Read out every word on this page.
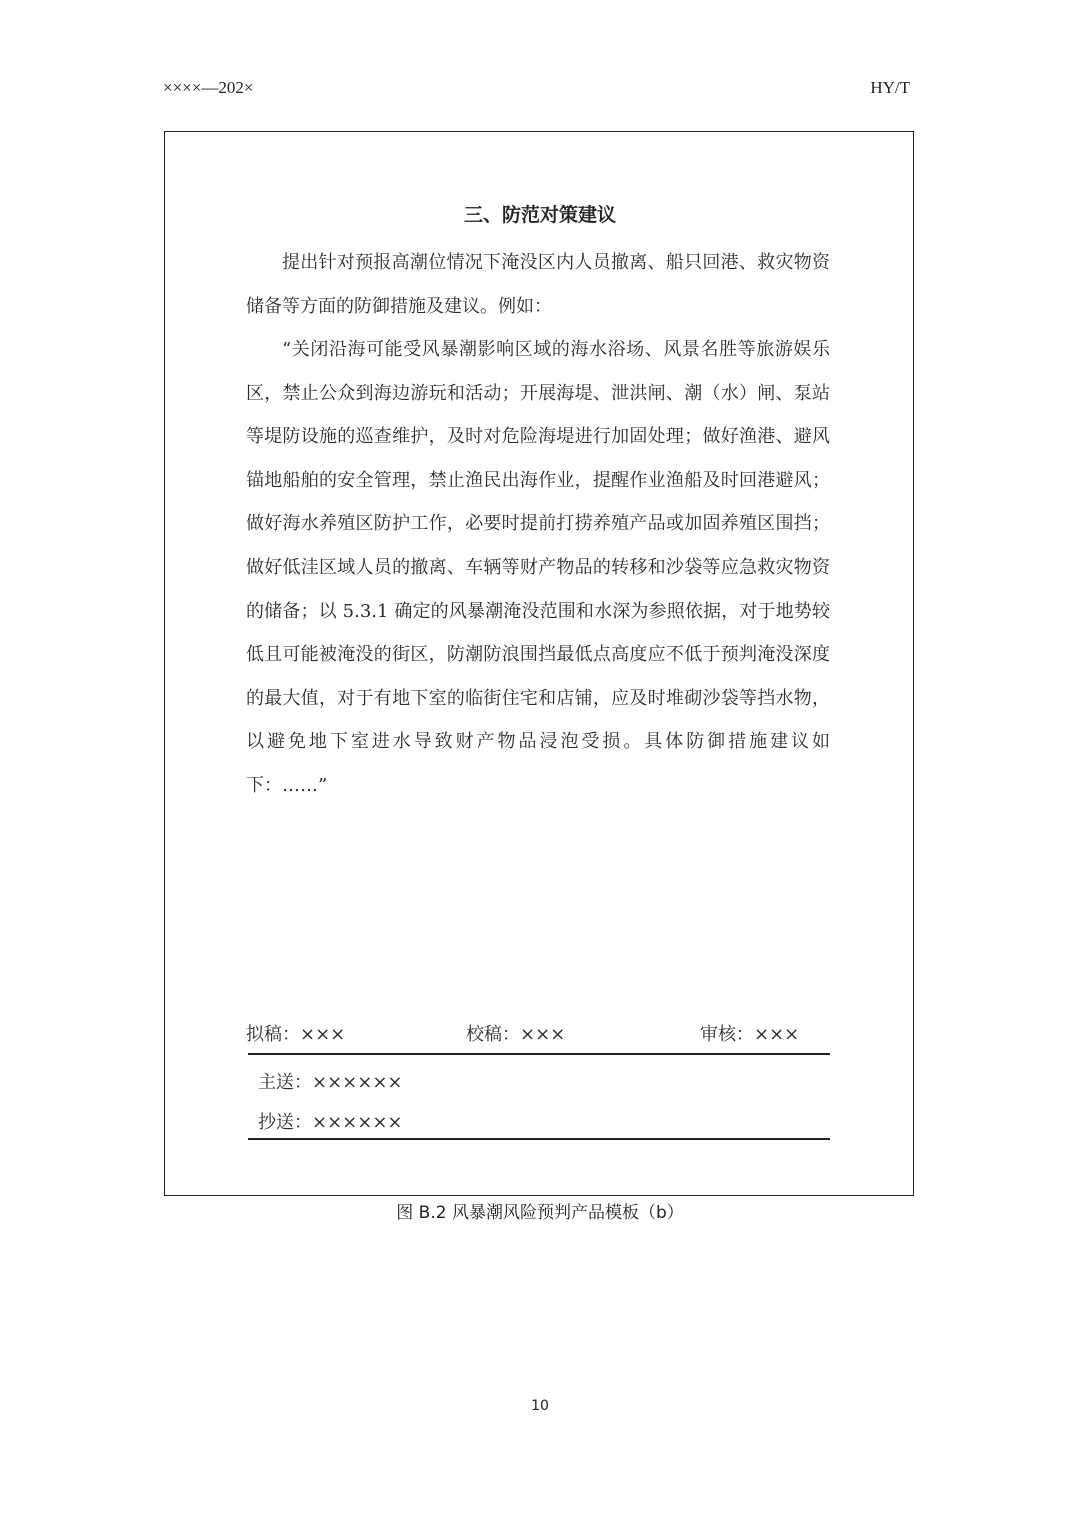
××××—202×	HY/T
三、防范对策建议

提出针对预报高潮位情况下淹没区内人员撤离、船只回港、救灾物资储备等方面的防御措施及建议。例如：

“关闭沿海可能受风暴潮影响区域的海水浴场、风景名胜等旅游娱乐区，禁止公众到海边游玩和活动；开展海堤、泄洪闸、潮（水）闸、泵站等堤防设施的巡查维护，及时对危险海堤进行加固处理；做好渔港、避风锚地船舶的安全管理，禁止渔民出海作业，提醒作业渔船及时回港避风；做好海水养殖区防护工作，必要时提前打捞养殖产品或加固养殖区围挡；做好低洼区域人员的撤离、车辆等财产物品的转移和沙袋等应急救灾物资的储备；以 5.3.1 确定的风暴潮淹没范围和水深为参照依据，对于地势较低且可能被淹没的街区，防潮防浪围挡最低点高度应不低于预判淹没深度的最大值，对于有地下室的临街住宅和店铺，应及时堆砌沙袋等挡水物，以避免地下室进水导致财产物品浸泡受损。具体防御措施建议如下：……”

拟稿：×××	校稿：×××	审核：×××
主送：××××××
抄送：××××××
图 B.2 风暴潮风险预判产品模板（b）
10
